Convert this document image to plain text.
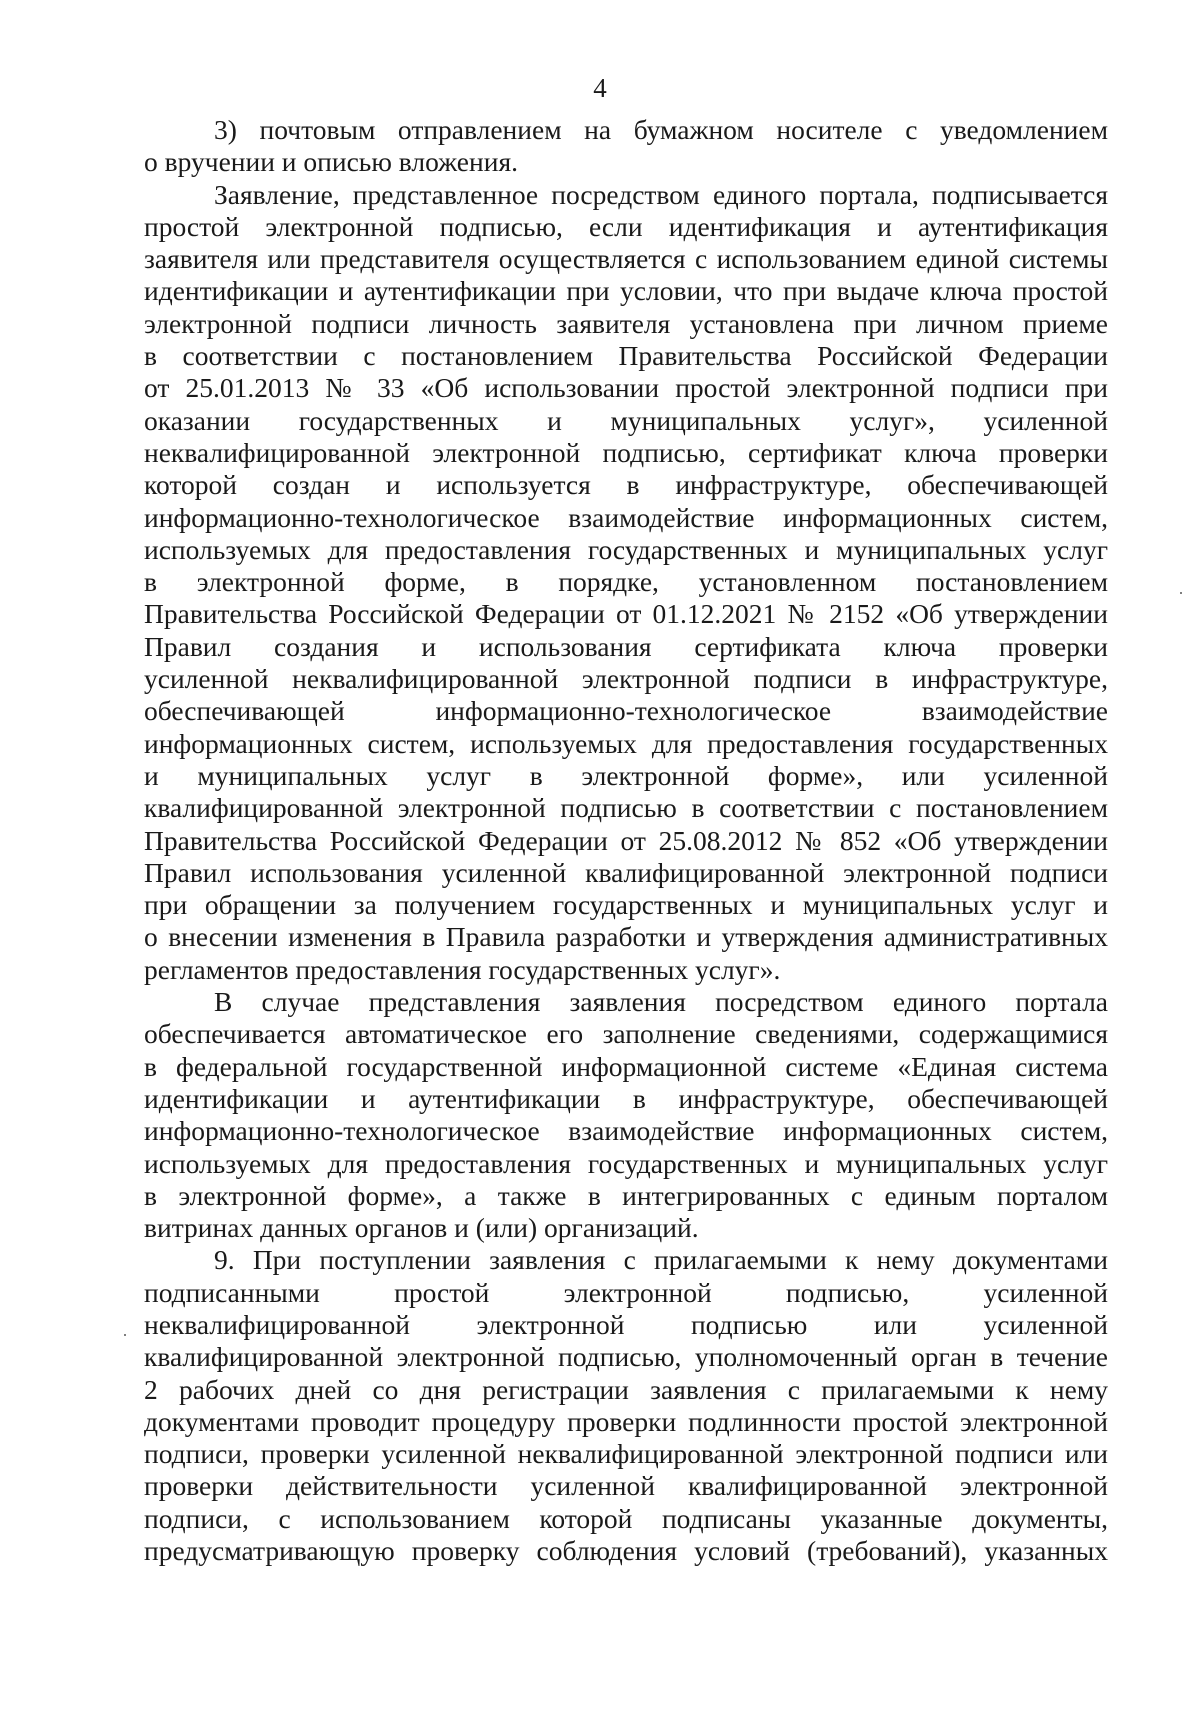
4
3) почтовым отправлением на бумажном носителе с уведомлением
о вручении и описью вложения.
Заявление, представленное посредством единого портала, подписывается
простой электронной подписью, если идентификация и аутентификация
заявителя или представителя осуществляется с использованием единой системы
идентификации и аутентификации при условии, что при выдаче ключа простой
электронной подписи личность заявителя установлена при личном приеме
в соответствии с постановлением Правительства Российской Федерации
от 25.01.2013 № 33 «Об использовании простой электронной подписи при
оказании государственных и муниципальных услуг», усиленной
неквалифицированной электронной подписью, сертификат ключа проверки
которой создан и используется в инфраструктуре, обеспечивающей
информационно-технологическое взаимодействие информационных систем,
используемых для предоставления государственных и муниципальных услуг
в электронной форме, в порядке, установленном постановлением
Правительства Российской Федерации от 01.12.2021 № 2152 «Об утверждении
Правил создания и использования сертификата ключа проверки
усиленной неквалифицированной электронной подписи в инфраструктуре,
обеспечивающей информационно-технологическое взаимодействие
информационных систем, используемых для предоставления государственных
и муниципальных услуг в электронной форме», или усиленной
квалифицированной электронной подписью в соответствии с постановлением
Правительства Российской Федерации от 25.08.2012 № 852 «Об утверждении
Правил использования усиленной квалифицированной электронной подписи
при обращении за получением государственных и муниципальных услуг и
о внесении изменения в Правила разработки и утверждения административных
регламентов предоставления государственных услуг».
В случае представления заявления посредством единого портала
обеспечивается автоматическое его заполнение сведениями, содержащимися
в федеральной государственной информационной системе «Единая система
идентификации и аутентификации в инфраструктуре, обеспечивающей
информационно-технологическое взаимодействие информационных систем,
используемых для предоставления государственных и муниципальных услуг
в электронной форме», а также в интегрированных с единым порталом
витринах данных органов и (или) организаций.
9. При поступлении заявления с прилагаемыми к нему документами
подписанными простой электронной подписью, усиленной
неквалифицированной электронной подписью или усиленной
квалифицированной электронной подписью, уполномоченный орган в течение
2 рабочих дней со дня регистрации заявления с прилагаемыми к нему
документами проводит процедуру проверки подлинности простой электронной
подписи, проверки усиленной неквалифицированной электронной подписи или
проверки действительности усиленной квалифицированной электронной
подписи, с использованием которой подписаны указанные документы,
предусматривающую проверку соблюдения условий (требований), указанных
